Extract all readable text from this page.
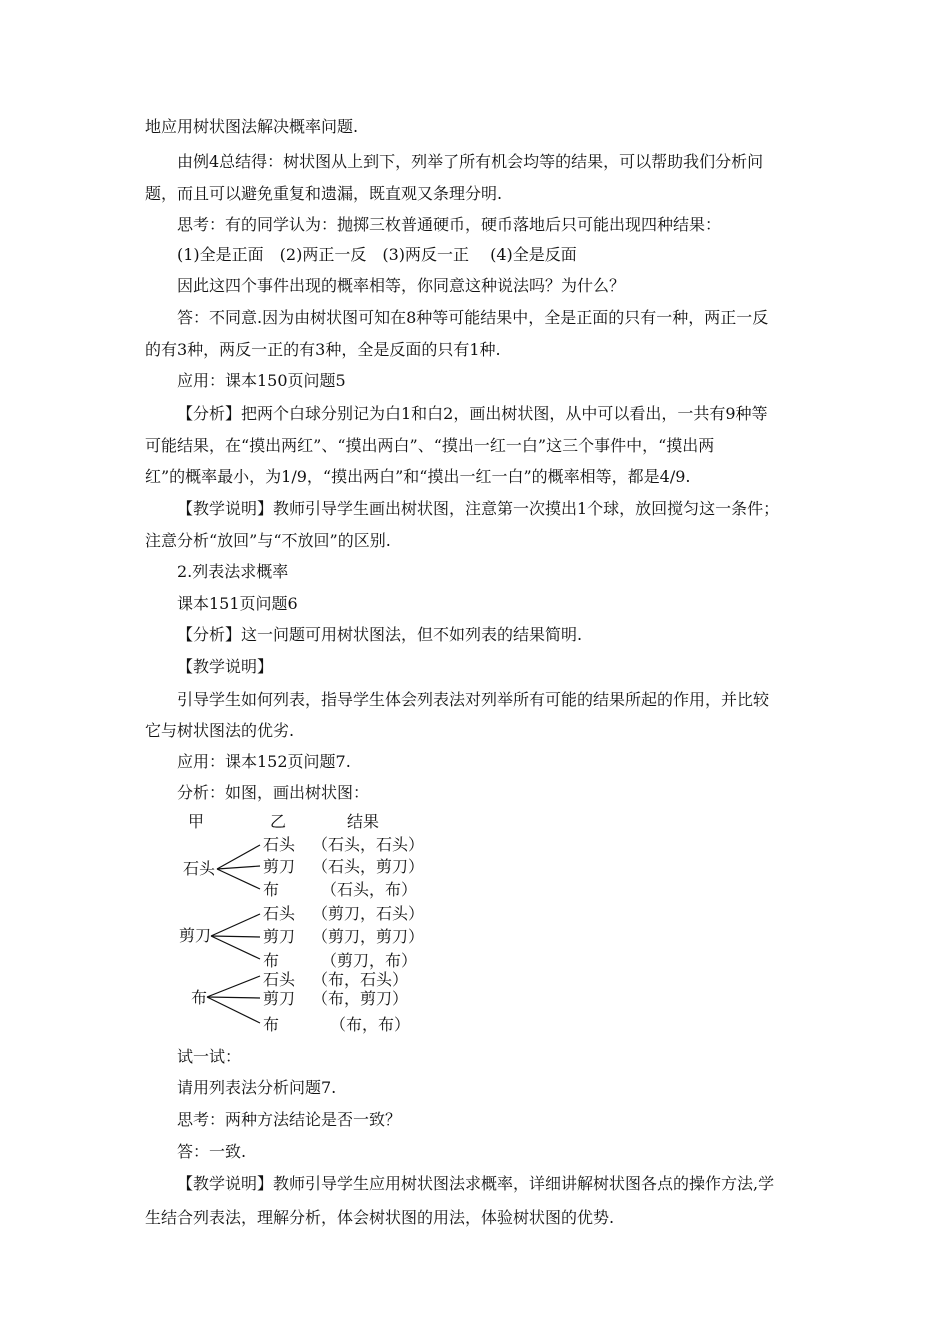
地应用树状图法解决概率问题.
由例4总结得：树状图从上到下，列举了所有机会均等的结果，可以帮助我们分析问
题，而且可以避免重复和遗漏，既直观又条理分明.
思考：有的同学认为：抛掷三枚普通硬币，硬币落地后只可能出现四种结果：
(1)全是正面　(2)两正一反　(3)两反一正　 (4)全是反面
因此这四个事件出现的概率相等，你同意这种说法吗？为什么？
答：不同意.因为由树状图可知在8种等可能结果中，全是正面的只有一种，两正一反
的有3种，两反一正的有3种，全是反面的只有1种.
应用：课本150页问题5
【分析】把两个白球分别记为白1和白2，画出树状图，从中可以看出，一共有9种等
可能结果，在“摸出两红”、“摸出两白”、“摸出一红一白”这三个事件中，“摸出两
红”的概率最小，为1/9，“摸出两白”和“摸出一红一白”的概率相等，都是4/9.
【教学说明】教师引导学生画出树状图，注意第一次摸出1个球，放回搅匀这一条件；
注意分析“放回”与“不放回”的区别.
2.列表法求概率
课本151页问题6
【分析】这一问题可用树状图法，但不如列表的结果简明.
【教学说明】
引导学生如何列表，指导学生体会列表法对列举所有可能的结果所起的作用，并比较
它与树状图法的优劣.
应用：课本152页问题7.
分析：如图，画出树状图：
甲	乙	结果
石头
剪刀
布
石头
剪刀
布
石头
剪刀
布
石头
剪刀
布
（石头，石头）
（石头，剪刀）
（石头，布）
（剪刀，石头）
（剪刀，剪刀）
（剪刀，布）
（布，石头）
（布，剪刀）
（布，布）
试一试：
请用列表法分析问题7.
思考：两种方法结论是否一致？
答：一致.
【教学说明】教师引导学生应用树状图法求概率，详细讲解树状图各点的操作方法,学
生结合列表法，理解分析，体会树状图的用法，体验树状图的优势.
